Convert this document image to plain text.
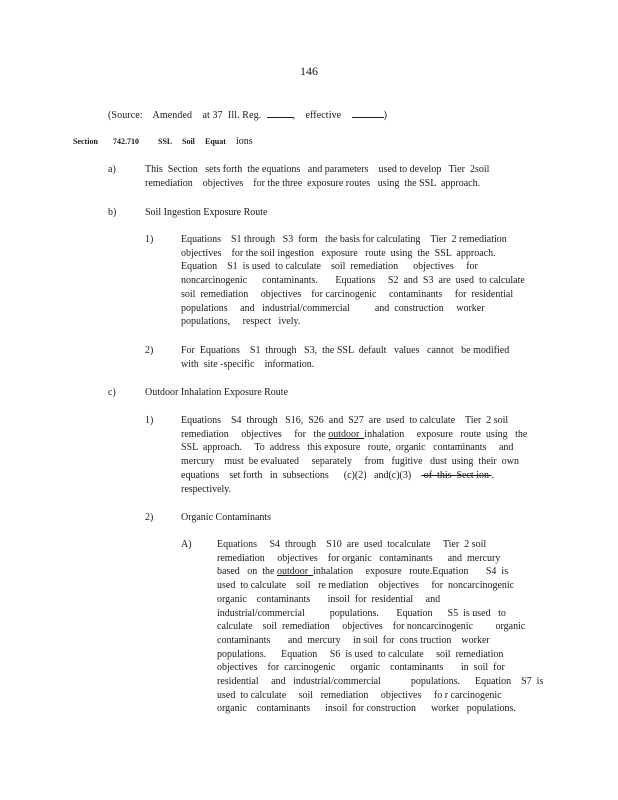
146
(Source:    Amended    at 37  Ill. Reg.	,    effective	)

Section

742.710

SSL

Soil

Equat

ions

a)	This  Section   sets forth  the equations   and parameters    used to develop   Tier  2soil

remediation    objectives    for the three  exposure routes   using  the SSL  approach.

b)	Soil Ingestion Exposure Route
1)	Equations    S1 through   S3  form   the basis for calculating    Tier  2 remediation

objectives    for the soil ingestion   exposure   route  using  the  SSL  approach.

Equation    S1  is used  to calculate    soil  remediation      objectives     for

noncarcinogenic      contaminants.       Equations     S2  and  S3  are  used  to calculate

soil  remediation     objectives    for carcinogenic     contaminants     for  residential

populations     and   industrial/commercial          and  construction     worker

populations,     respect   ively.

2)	For  Equations    S1  through   S3,  the SSL  default   values   cannot   be modified

with  site -specific    information.

c)	Outdoor Inhalation Exposure Route
1)	Equations    S4  through   S16,  S26  and  S27  are  used  to calculate    Tier  2 soil

remediation     objectives     for   the outdoor  inhalation     exposure   route  using   the

SSL  approach.     To  address   this exposure   route,  organic   contaminants     and

mercury    must  be evaluated     separately     from   fugitive   dust  using  their  own

equations    set forth   in  subsections      (c)(2)   and(c)(3)     of  this  Sect ion .

respectively.

2)	Organic Contaminants
A)	Equations     S4  through    S10  are  used  tocalculate     Tier  2 soil

remediation     objectives    for organic   contaminants      and  mercury

based   on  the outdoor  inhalation     exposure   route.Equation       S4  is

used  to calculate    soil   re mediation    objectives     for  noncarcinogenic

organic    contaminants       insoil  for  residential     and

industrial/commercial          populations.       Equation      S5  is used   to

calculate    soil  remediation     objectives    for noncarcinogenic         organic

contaminants       and  mercury     in soil  for  cons truction    worker

populations.      Equation     S6  is used  to calculate     soil  remediation

objectives    for  carcinogenic      organic    contaminants       in  soil  for

residential     and   industrial/commercial            populations.      Equation    S7  is

used  to calculate     soil   remediation     objectives     fo r carcinogenic

organic    contaminants      insoil  for construction      worker   populations.
